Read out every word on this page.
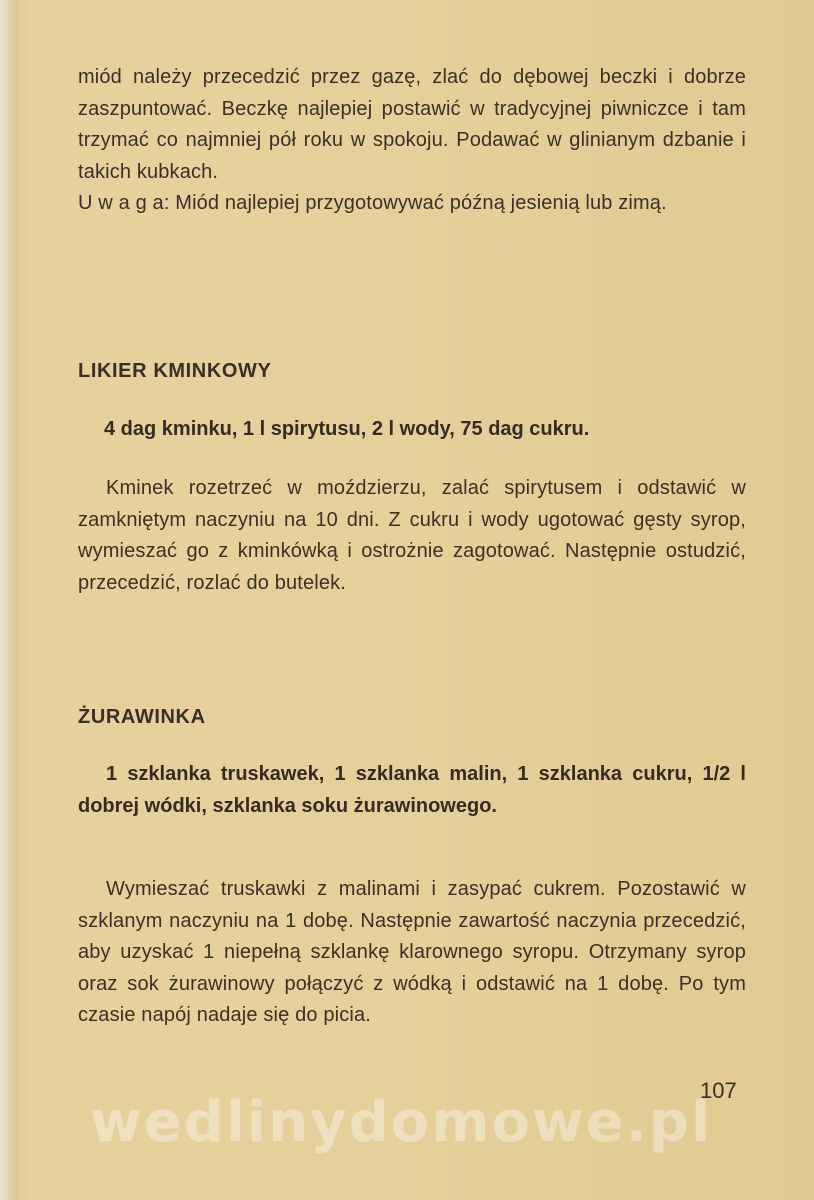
miód należy przecedzić przez gazę, zlać do dębowej beczki i dobrze zaszpuntować. Beczkę najlepiej postawić w tradycyjnej piwniczce i tam trzymać co najmniej pół roku w spokoju. Podawać w glinianym dzbanie i takich kubkach.

U w a g a: Miód najlepiej przygotowywać późną jesienią lub zimą.

LIKIER KMINKOWY

4 dag kminku, 1 l spirytusu, 2 l wody, 75 dag cukru.

Kminek rozetrzeć w moździerzu, zalać spirytusem i odstawić w zamkniętym naczyniu na 10 dni. Z cukru i wody ugotować gęsty syrop, wymieszać go z kminkówką i ostrożnie zagotować. Następnie ostudzić, przecedzić, rozlać do butelek.

ŻURAWINKA

1 szklanka truskawek, 1 szklanka malin, 1 szklanka cukru, 1/2 l dobrej wódki, szklanka soku żurawinowego.

Wymieszać truskawki z malinami i zasypać cukrem. Pozostawić w szklanym naczyniu na 1 dobę. Następnie zawartość naczynia przecedzić, aby uzyskać 1 niepełną szklankę klarownego syropu. Otrzymany syrop oraz sok żurawinowy połączyć z wódką i odstawić na 1 dobę. Po tym czasie napój nadaje się do picia.

107
wedlinydomowe.pl
